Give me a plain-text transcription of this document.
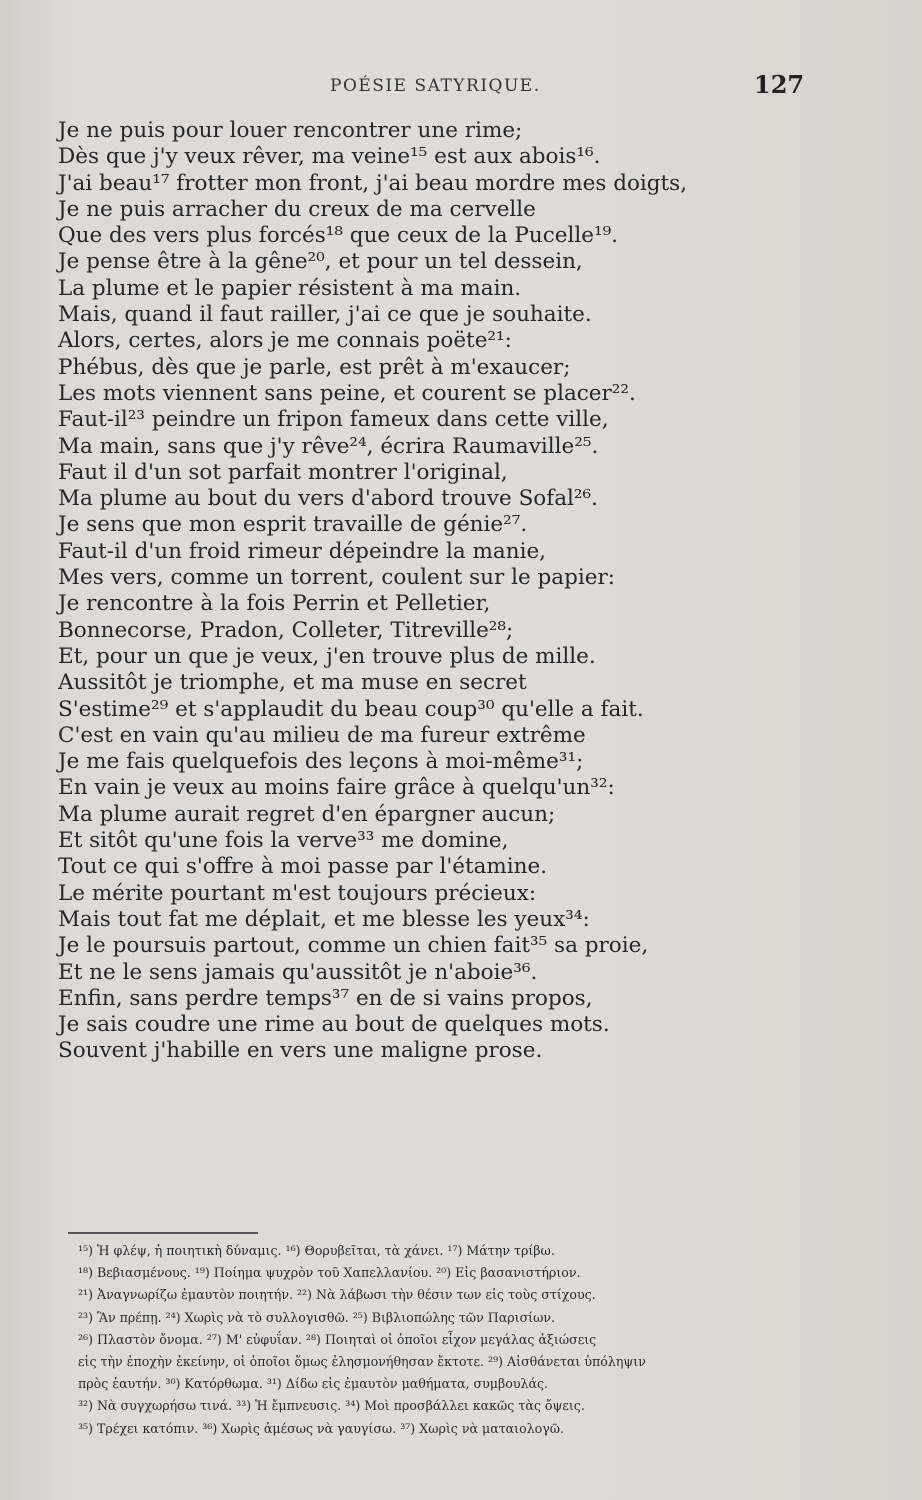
POÉSIE SATYRIQUE.	127
Je ne puis pour louer rencontrer une rime;
Dès que j'y veux rêver, ma veine¹⁵ est aux abois¹⁶.
J'ai beau¹⁷ frotter mon front, j'ai beau mordre mes doigts,
Je ne puis arracher du creux de ma cervelle
Que des vers plus forcés¹⁸ que ceux de la Pucelle¹⁹.
Je pense être à la gêne²⁰, et pour un tel dessein,
La plume et le papier résistent à ma main.
Mais, quand il faut railler, j'ai ce que je souhaite.
Alors, certes, alors je me connais poëte²¹:
Phébus, dès que je parle, est prêt à m'exaucer;
Les mots viennent sans peine, et courent se placer²².
Faut-il²³ peindre un fripon fameux dans cette ville,
Ma main, sans que j'y rêve²⁴, écrira Raumaville²⁵.
Faut il d'un sot parfait montrer l'original,
Ma plume au bout du vers d'abord trouve Sofal²⁶.
Je sens que mon esprit travaille de génie²⁷.
Faut-il d'un froid rimeur dépeindre la manie,
Mes vers, comme un torrent, coulent sur le papier:
Je rencontre à la fois Perrin et Pelletier,
Bonnecorse, Pradon, Colleter, Titreville²⁸;
Et, pour un que je veux, j'en trouve plus de mille.
Aussitôt je triomphe, et ma muse en secret
S'estime²⁹ et s'applaudit du beau coup³⁰ qu'elle a fait.
C'est en vain qu'au milieu de ma fureur extrême
Je me fais quelquefois des leçons à moi-même³¹;
En vain je veux au moins faire grâce à quelqu'un³²:
Ma plume aurait regret d'en épargner aucun;
Et sitôt qu'une fois la verve³³ me domine,
Tout ce qui s'offre à moi passe par l'étamine.
Le mérite pourtant m'est toujours précieux:
Mais tout fat me déplait, et me blesse les yeux³⁴:
Je le poursuis partout, comme un chien fait³⁵ sa proie,
Et ne le sens jamais qu'aussitôt je n'aboie³⁶.
Enfin, sans perdre temps³⁷ en de si vains propos,
Je sais coudre une rime au bout de quelques mots.
Souvent j'habille en vers une maligne prose.
¹⁵) Ἡ φλέψ, ἡ ποιητικὴ δύναμις. ¹⁶) Θορυβεῖται, τὰ χάνει. ¹⁷) Μάτην τρίβω.
¹⁸) Βεβιασμένους. ¹⁹) Ποίημα ψυχρὸν τοῦ Χαπελλανίου. ²⁰) Εἰς βασανιστήριον.
²¹) Ἀναγνωρίζω ἐμαυτὸν ποιητήν. ²²) Νὰ λάβωσι τὴν θέσιν των εἰς τοὺς στίχους.
²³) Ἂν πρέπῃ. ²⁴) Χωρὶς νὰ τὸ συλλογισθῶ. ²⁵) Βιβλιοπώλης τῶν Παρισίων.
²⁶) Πλαστὸν ὄνομα. ²⁷) Μ' εὐφυΐαν. ²⁸) Ποιηταὶ οἱ ὁποῖοι εἶχον μεγάλας ἀξιώσεις
εἰς τὴν ἐποχὴν ἐκείνην, οἱ ὁποῖοι ὅμως ἐλησμονήθησαν ἔκτοτε. ²⁹) Αἰσθάνεται ὑπόληψιν
πρὸς ἑαυτήν. ³⁰) Κατόρθωμα. ³¹) Δίδω εἰς ἐμαυτὸν μαθήματα, συμβουλάς.
³²) Νὰ συγχωρήσω τινά. ³³) Ἡ ἔμπνευσις. ³⁴) Μοὶ προσβάλλει κακῶς τὰς ὄψεις.
³⁵) Τρέχει κατόπιν. ³⁶) Χωρὶς ἀμέσως νὰ γαυγίσω. ³⁷) Χωρὶς νὰ ματαιολογῶ.
